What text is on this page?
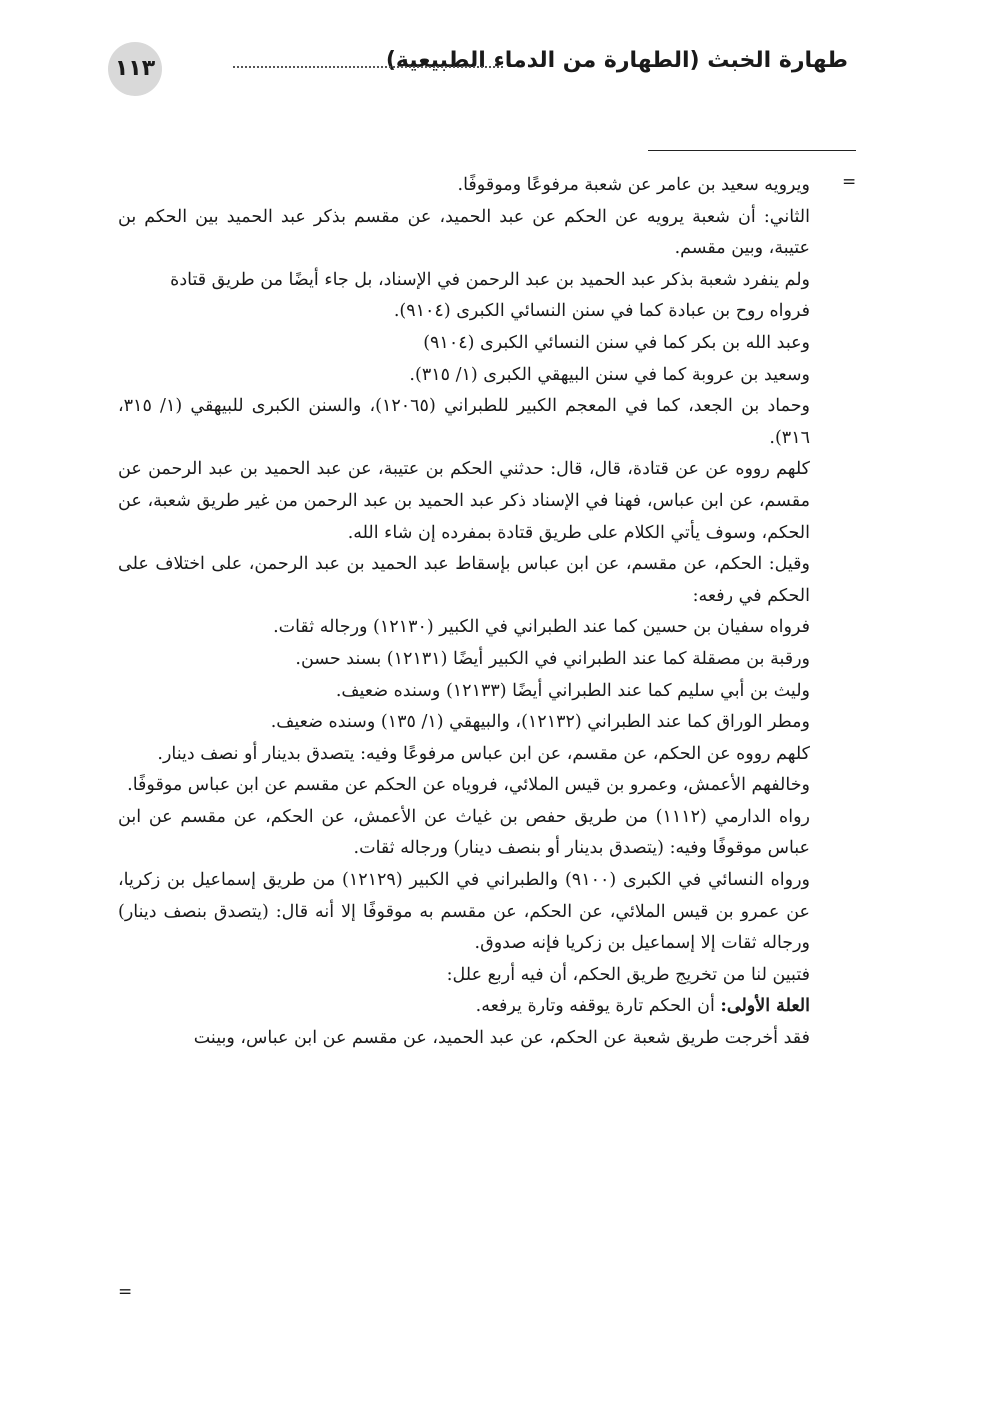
طهارة الخبث (الطهارة من الدماء الطبيعية)
١١٣
=

ويرويه سعيد بن عامر عن شعبة مرفوعًا وموقوفًا.

الثاني: أن شعبة يرويه عن الحكم عن عبد الحميد، عن مقسم بذكر عبد الحميد بين الحكم بن عتيبة، وبين مقسم.

ولم ينفرد شعبة بذكر عبد الحميد بن عبد الرحمن في الإسناد، بل جاء أيضًا من طريق قتادة

فرواه روح بن عبادة كما في سنن النسائي الكبرى (٩١٠٤).

وعبد الله بن بكر كما في سنن النسائي الكبرى (٩١٠٤)

وسعيد بن عروبة كما في سنن البيهقي الكبرى (١/ ٣١٥).

وحماد بن الجعد، كما في المعجم الكبير للطبراني (١٢٠٦٥)، والسنن الكبرى للبيهقي (١/ ٣١٥، ٣١٦).

كلهم رووه عن عن قتادة، قال، قال: حدثني الحكم بن عتيبة، عن عبد الحميد بن عبد الرحمن عن مقسم، عن ابن عباس، فهنا في الإسناد ذكر عبد الحميد بن عبد الرحمن من غير طريق شعبة، عن الحكم، وسوف يأتي الكلام على طريق قتادة بمفرده إن شاء الله.

وقيل: الحكم، عن مقسم، عن ابن عباس بإسقاط عبد الحميد بن عبد الرحمن، على اختلاف على الحكم في رفعه:

فرواه سفيان بن حسين كما عند الطبراني في الكبير (١٢١٣٠) ورجاله ثقات.

ورقبة بن مصقلة كما عند الطبراني في الكبير أيضًا (١٢١٣١) بسند حسن.

وليث بن أبي سليم كما عند الطبراني أيضًا (١٢١٣٣) وسنده ضعيف.

ومطر الوراق كما عند الطبراني (١٢١٣٢)، والبيهقي (١/ ١٣٥) وسنده ضعيف.

كلهم رووه عن الحكم، عن مقسم، عن ابن عباس مرفوعًا وفيه: يتصدق بدينار أو نصف دينار.

وخالفهم الأعمش، وعمرو بن قيس الملائي، فروياه عن الحكم عن مقسم عن ابن عباس موقوفًا.

رواه الدارمي (١١١٢) من طريق حفص بن غياث عن الأعمش، عن الحكم، عن مقسم عن ابن عباس موقوفًا وفيه: (يتصدق بدينار أو بنصف دينار) ورجاله ثقات.

ورواه النسائي في الكبرى (٩١٠٠) والطبراني في الكبير (١٢١٢٩) من طريق إسماعيل بن زكريا، عن عمرو بن قيس الملائي، عن الحكم، عن مقسم به موقوفًا إلا أنه قال: (يتصدق بنصف دينار) ورجاله ثقات إلا إسماعيل بن زكريا فإنه صدوق.

فتبين لنا من تخريج طريق الحكم، أن فيه أربع علل:

العلة الأولى: أن الحكم تارة يوقفه وتارة يرفعه.

فقد أخرجت طريق شعبة عن الحكم، عن عبد الحميد، عن مقسم عن ابن عباس، وبينت

=
